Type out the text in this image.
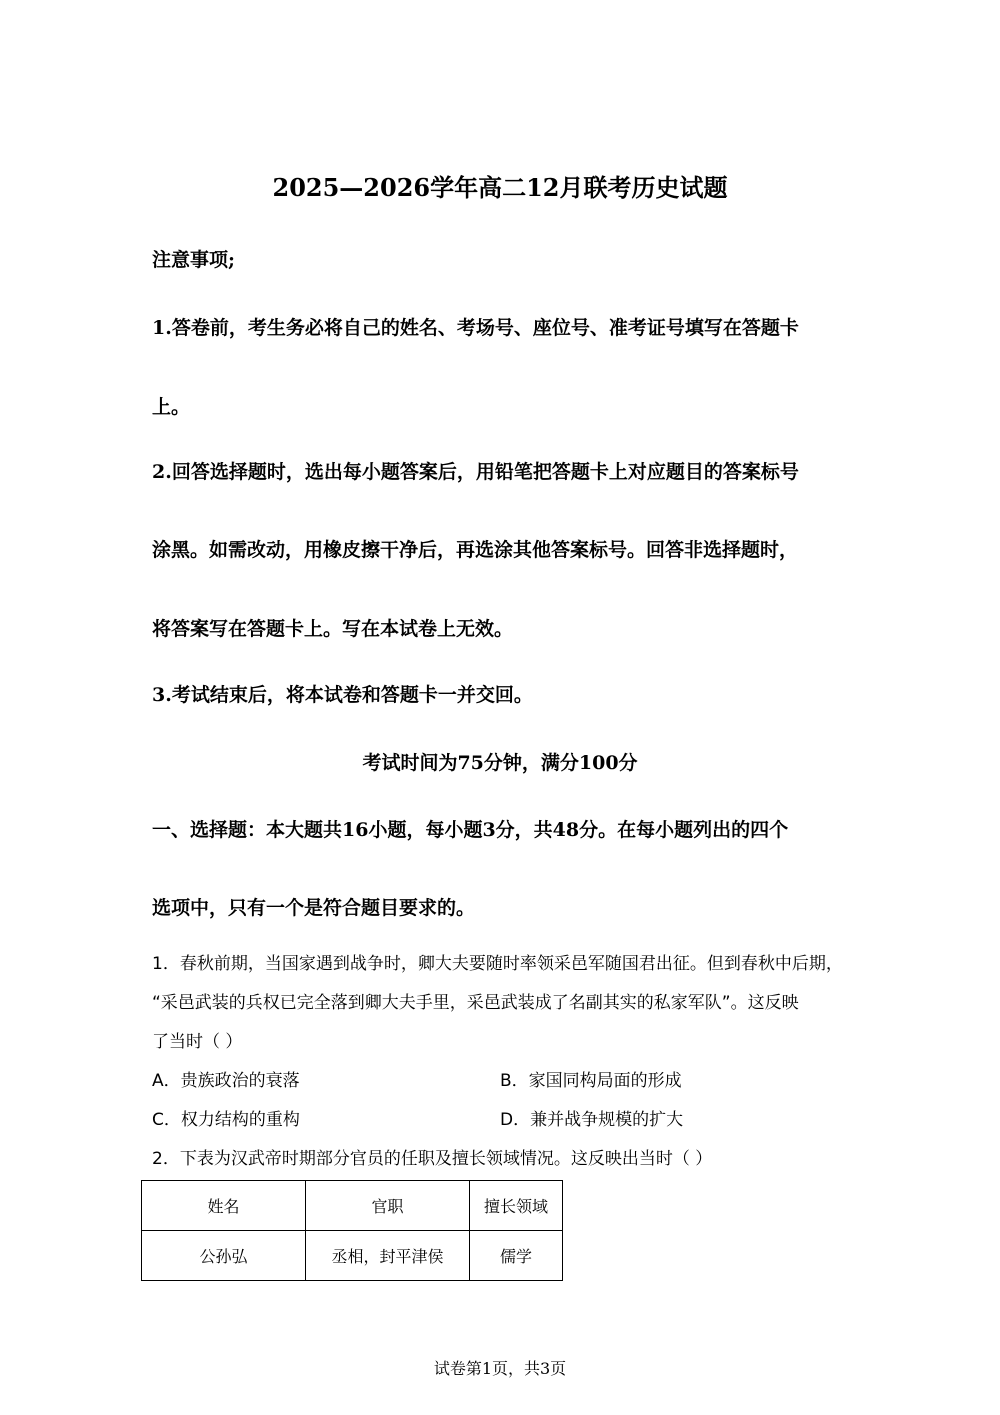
2025—2026学年高二12月联考历史试题
注意事项;
1.答卷前，考生务必将自己的姓名、考场号、座位号、准考证号填写在答题卡
上。
2.回答选择题时，选出每小题答案后，用铅笔把答题卡上对应题目的答案标号
涂黑。如需改动，用橡皮擦干净后，再选涂其他答案标号。回答非选择题时，
将答案写在答题卡上。写在本试卷上无效。
3.考试结束后，将本试卷和答题卡一并交回。
考试时间为75分钟，满分100分
一、选择题：本大题共16小题，每小题3分，共48分。在每小题列出的四个
选项中，只有一个是符合题目要求的。
1．春秋前期，当国家遇到战争时，卿大夫要随时率领采邑军随国君出征。但到春秋中后期，
“采邑武装的兵权已完全落到卿大夫手里，采邑武装成了名副其实的私家军队”。这反映
了当时（ ）
A．贵族政治的衰落	B．家国同构局面的形成
C．权力结构的重构	D．兼并战争规模的扩大
2．下表为汉武帝时期部分官员的任职及擅长领域情况。这反映出当时（ ）
姓名	官职	擅长领域
公孙弘	丞相，封平津侯	儒学
试卷第1页，共3页
